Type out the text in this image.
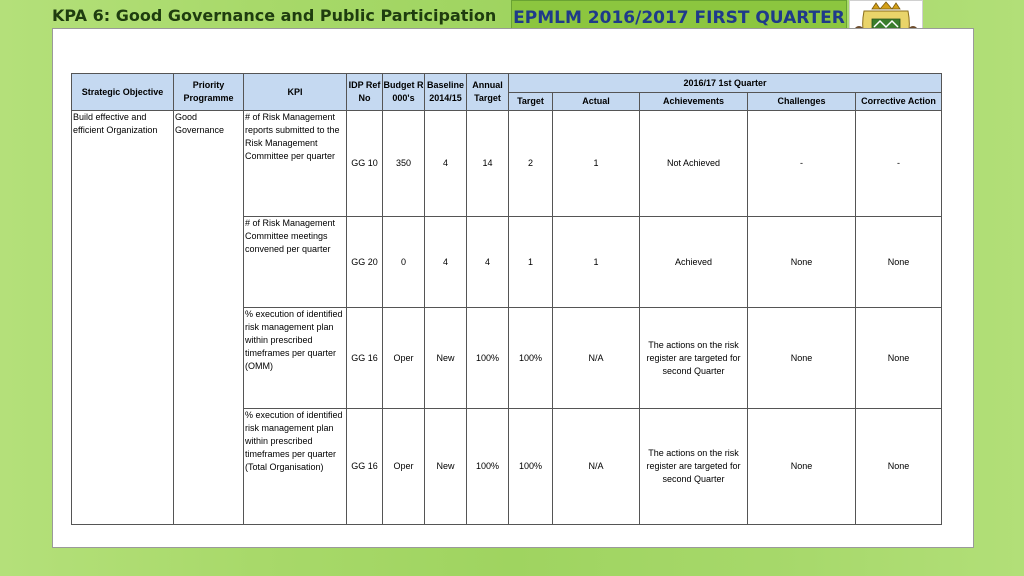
KPA 6: Good Governance and Public Participation EPMLM 2016/2017 FIRST QUARTER
Strategic Objective	Priority Programme	KPI	IDP Ref No	Budget R 000's	Baseline 2014/15	Annual Target	2016/17 1st Quarter				
							Target	Actual	Achievements	Challenges	Corrective Action
Build effective and efficient Organization	Good Governance	# of Risk Management reports submitted to the Risk Management Committee per quarter	GG 10	350	4	14	2	1	Not Achieved	-	-
		# of Risk Management Committee meetings convened per quarter	GG 20	0	4	4	1	1	Achieved	None	None
		% execution of identified risk management plan within prescribed timeframes per quarter (OMM)	GG 16	Oper	New	100%	100%	N/A	The actions on the risk register are targeted for second Quarter	None	None
		% execution of identified risk management plan within prescribed timeframes per quarter (Total Organisation)	GG 16	Oper	New	100%	100%	N/A	The actions on the risk register are targeted for second Quarter	None	None
